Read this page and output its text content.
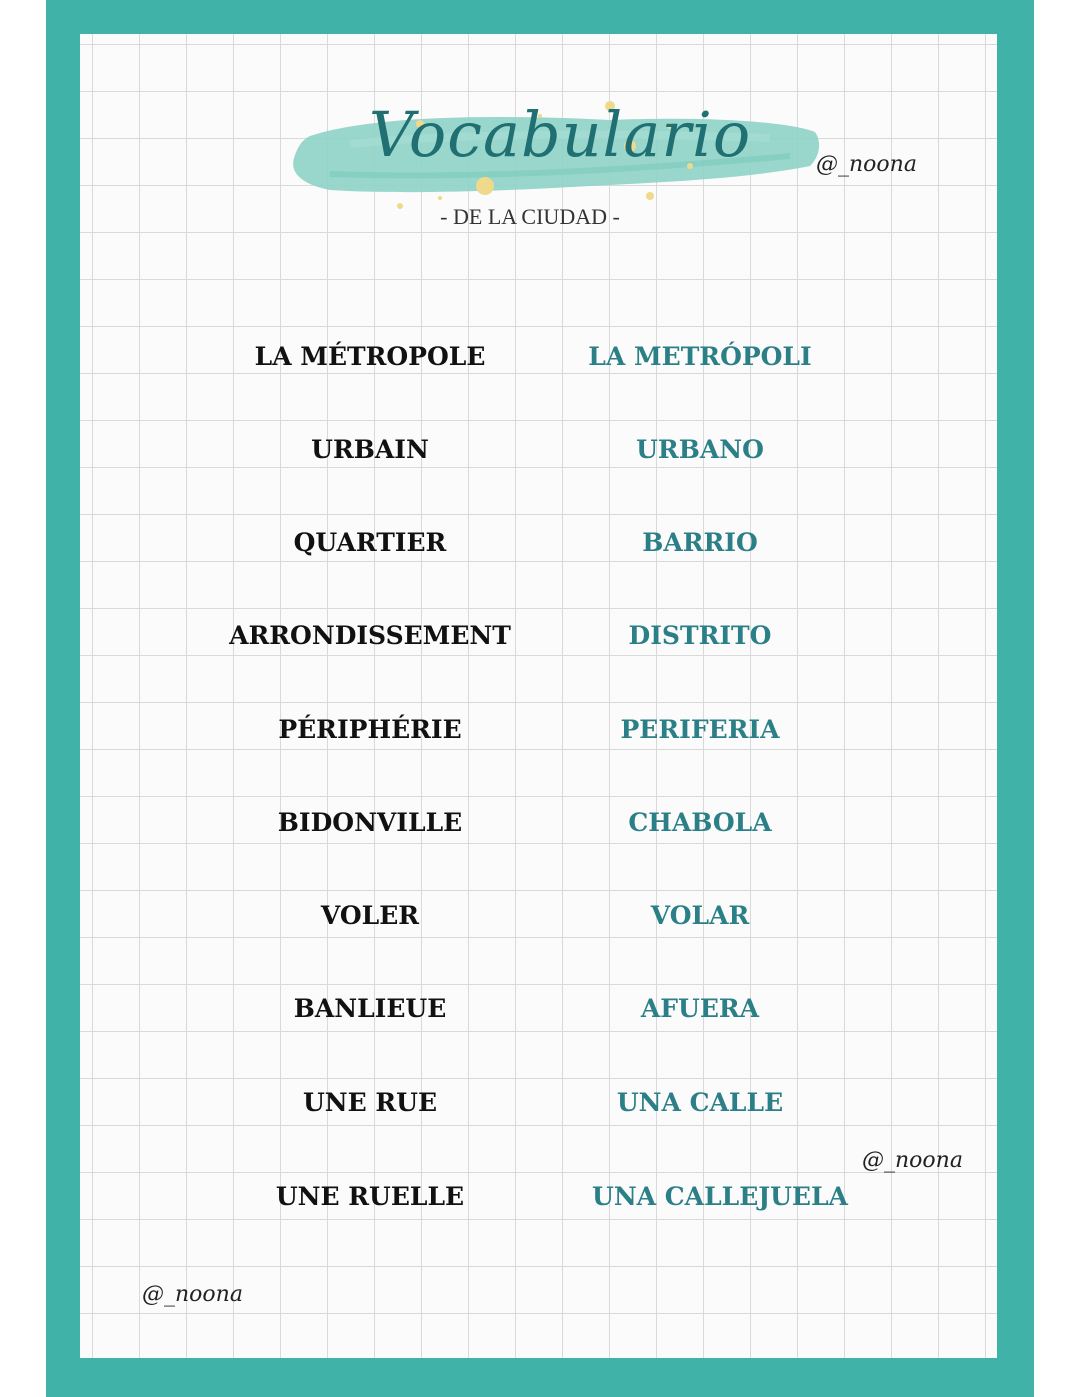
Vocabulario
- DE LA CIUDAD -
@_noona
@_noona
@_noona
LA MÉTROPOLE	LA METRÓPOLI
URBAIN	URBANO
QUARTIER	BARRIO
ARRONDISSEMENT	DISTRITO
PÉRIPHÉRIE	PERIFERIA
BIDONVILLE	CHABOLA
VOLER	VOLAR
BANLIEUE	AFUERA
UNE RUE	UNA CALLE
UNE RUELLE	UNA CALLEJUELA
